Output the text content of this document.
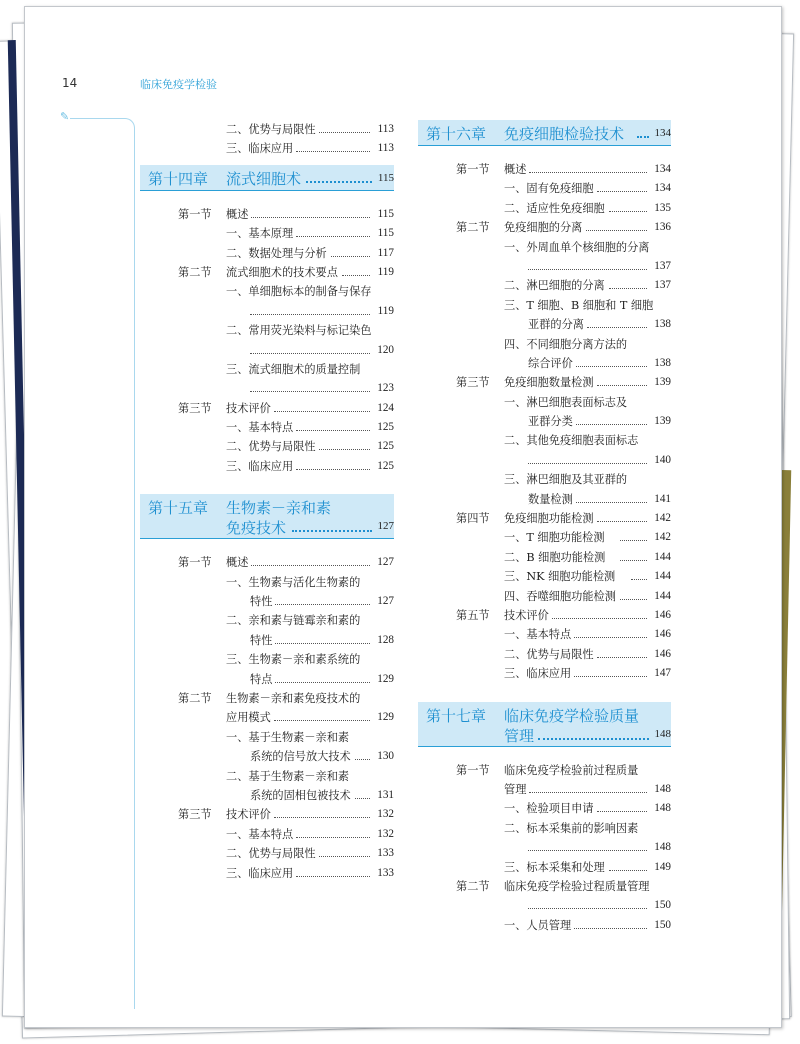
14	临床免疫学检验
✎
二、优势与局限性	113
三、临床应用	113
第十四章 流式细胞术	115
第一节 概述	115
一、基本原理	115
二、数据处理与分析	117
第二节 流式细胞术的技术要点	119
一、单细胞标本的制备与保存
119
二、常用荧光染料与标记染色
120
三、流式细胞术的质量控制
123
第三节 技术评价	124
一、基本特点	125
二、优势与局限性	125
三、临床应用	125
第十五章 生物素－亲和素
免疫技术	127
第一节 概述	127
一、生物素与活化生物素的
特性	127
二、亲和素与链霉亲和素的
特性	128
三、生物素－亲和素系统的
特点	129
第二节 生物素－亲和素免疫技术的
应用模式	129
一、基于生物素－亲和素
系统的信号放大技术 130
二、基于生物素－亲和素
系统的固相包被技术 131
第三节 技术评价	132
一、基本特点	132
二、优势与局限性	133
三、临床应用	133
第十六章 免疫细胞检验技术	134
第一节 概述	134
一、固有免疫细胞	134
二、适应性免疫细胞	135
第二节 免疫细胞的分离	136
一、外周血单个核细胞的分离
137
二、淋巴细胞的分离	137
三、T 细胞、B 细胞和 T 细胞
亚群的分离	138
四、不同细胞分离方法的
综合评价	138
第三节 免疫细胞数量检测	139
一、淋巴细胞表面标志及
亚群分类	139
二、其他免疫细胞表面标志
140
三、淋巴细胞及其亚群的
数量检测	141
第四节 免疫细胞功能检测	142
一、T 细胞功能检测	142
二、B 细胞功能检测	144
三、NK 细胞功能检测	144
四、吞噬细胞功能检测	144
第五节 技术评价	146
一、基本特点	146
二、优势与局限性	146
三、临床应用	147
第十七章 临床免疫学检验质量
管理	148
第一节 临床免疫学检验前过程质量
管理	148
一、检验项目申请	148
二、标本采集前的影响因素
148
三、标本采集和处理	149
第二节 临床免疫学检验过程质量管理
150
一、人员管理	150
